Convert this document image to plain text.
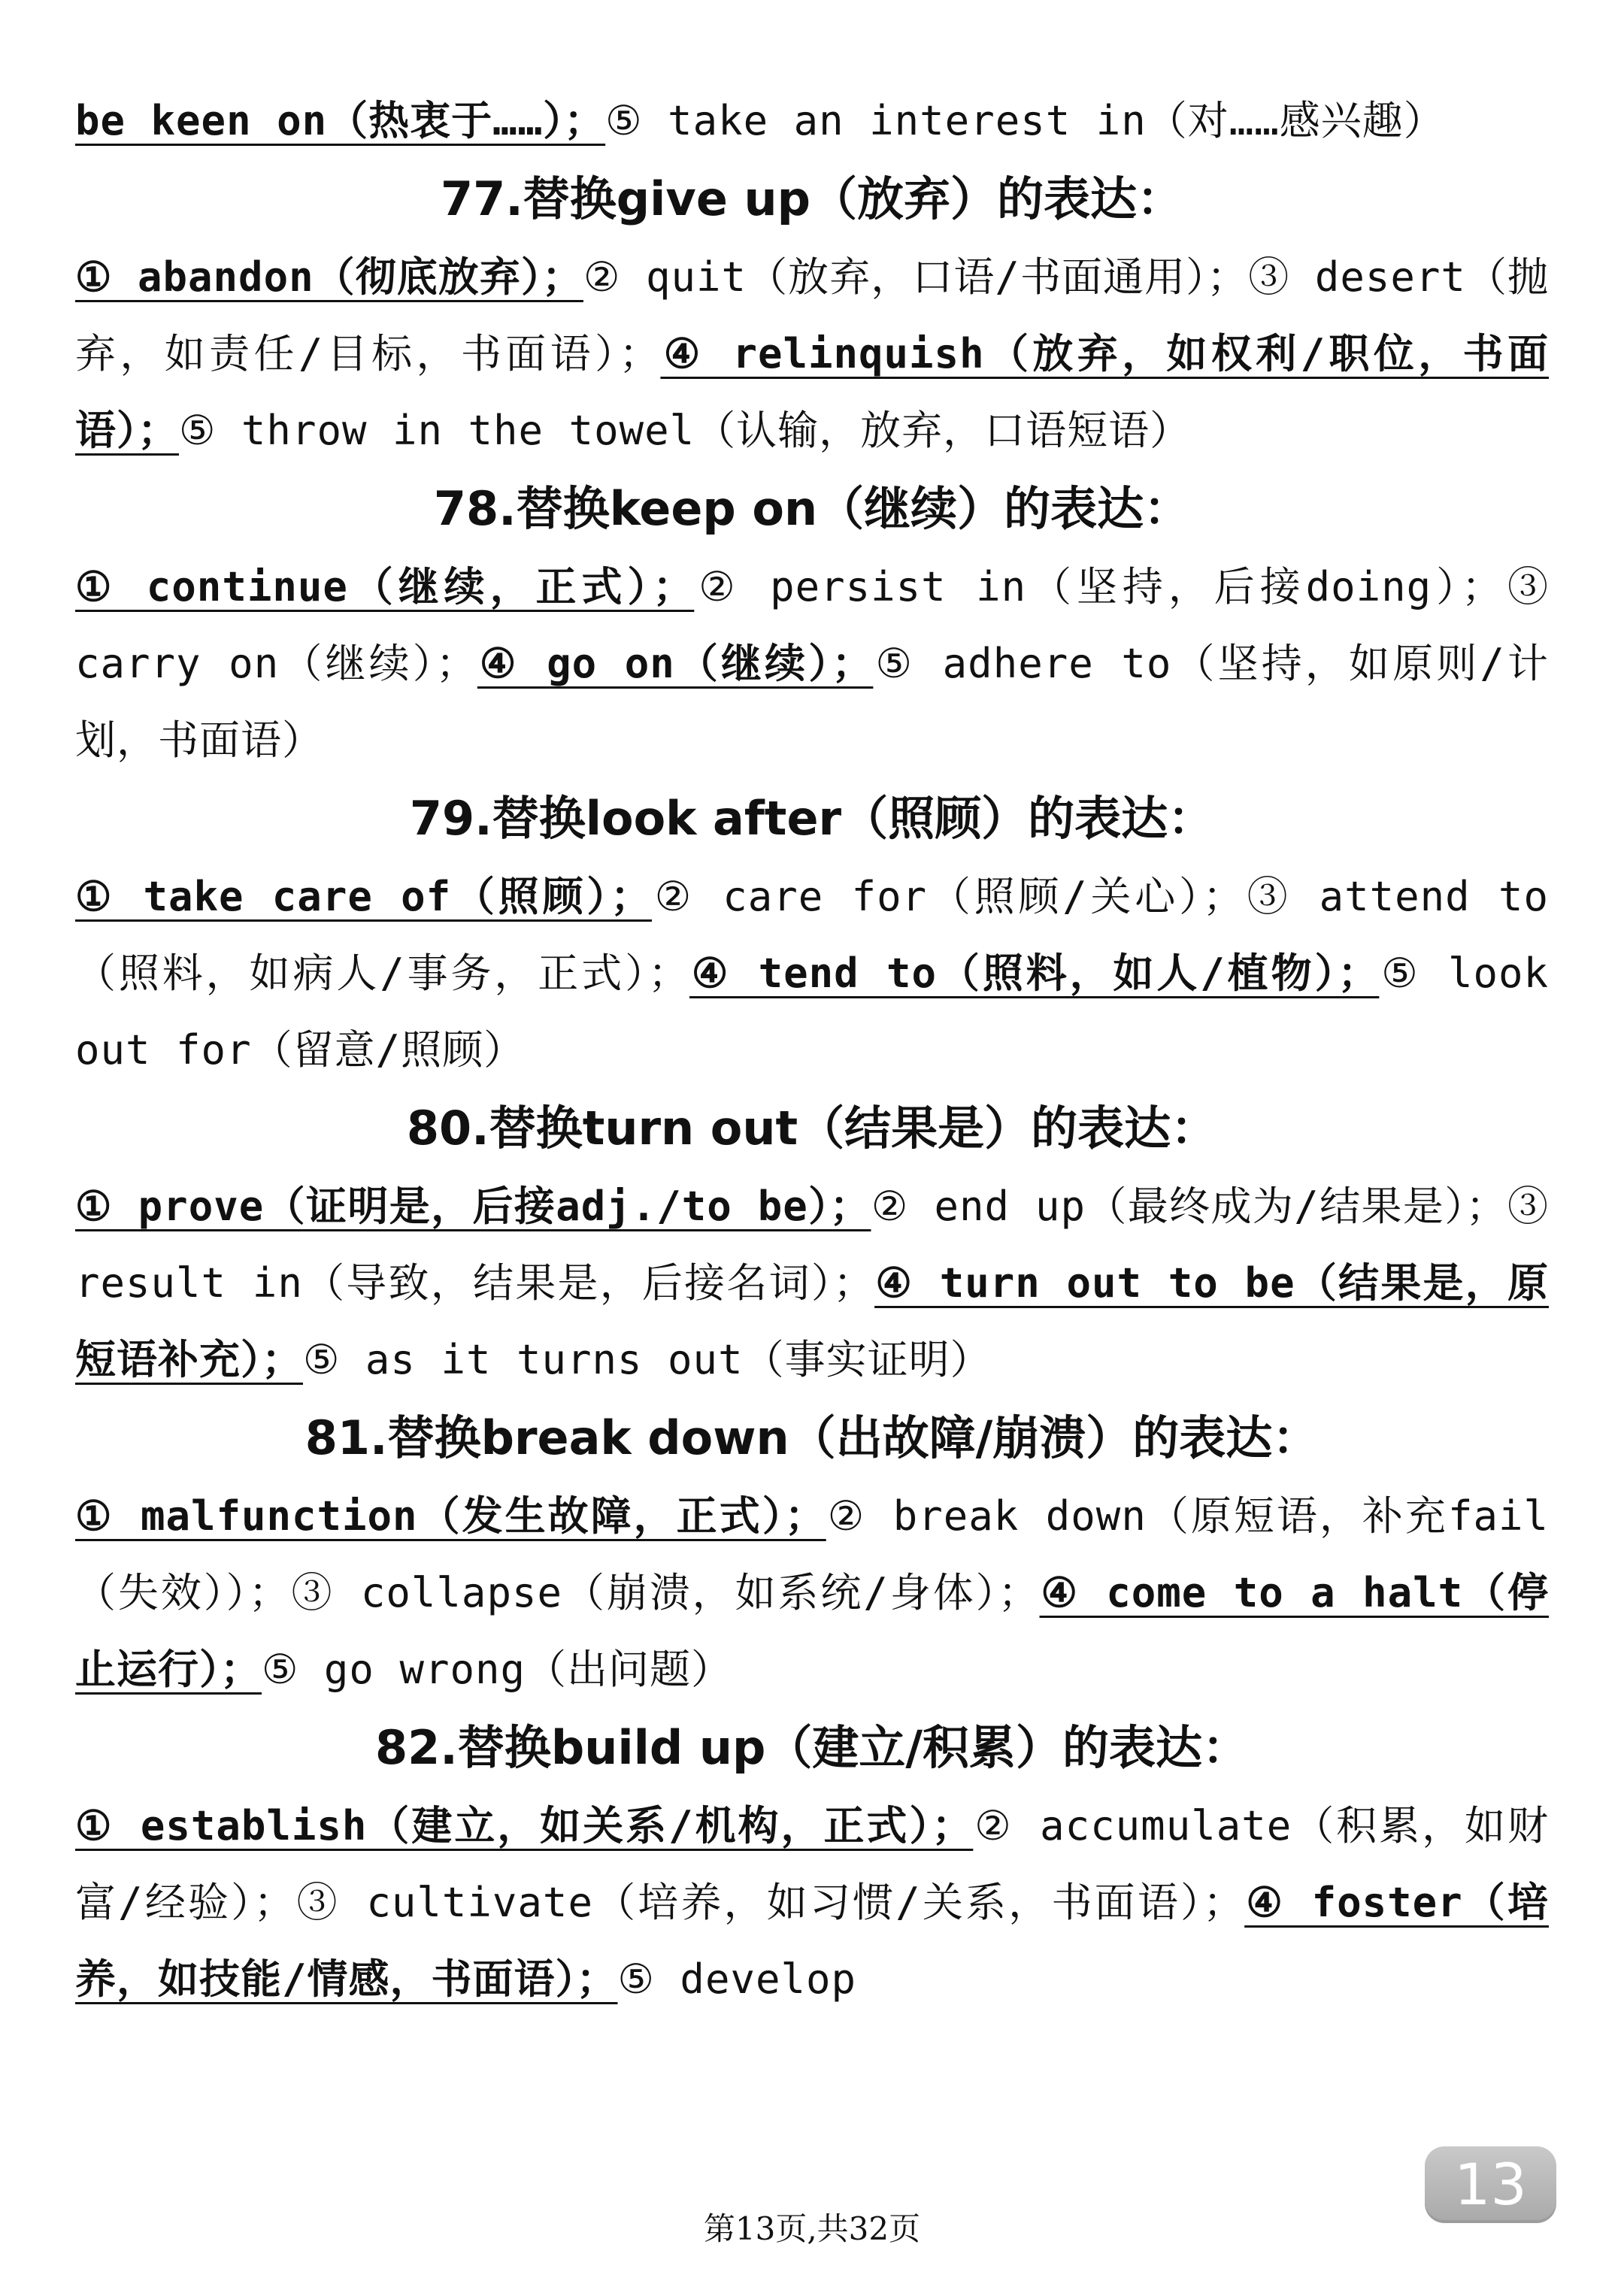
be keen on（热衷于……）；⑤ take an interest in（对……感兴趣）
77.替换give up（放弃）的表达：
① abandon（彻底放弃）；② quit（放弃，口语/书面通用）；③ desert（抛弃，如责任/目标，书面语）；④ relinquish（放弃，如权利/职位，书面语）；⑤ throw in the towel（认输，放弃，口语短语）
78.替换keep on（继续）的表达：
① continue（继续，正式）；② persist in（坚持，后接doing）；③ carry on（继续）；④ go on（继续）；⑤ adhere to（坚持，如原则/计划，书面语）
79.替换look after（照顾）的表达：
① take care of（照顾）；② care for（照顾/关心）；③ attend to（照料，如病人/事务，正式）；④ tend to（照料，如人/植物）；⑤ look out for（留意/照顾）
80.替换turn out（结果是）的表达：
① prove（证明是，后接adj./to be）；② end up（最终成为/结果是）；③ result in（导致，结果是，后接名词）；④ turn out to be（结果是，原短语补充）；⑤ as it turns out（事实证明）
81.替换break down（出故障/崩溃）的表达：
① malfunction（发生故障，正式）；② break down（原短语，补充fail（失效））；③ collapse（崩溃，如系统/身体）；④ come to a halt（停止运行）；⑤ go wrong（出问题）
82.替换build up（建立/积累）的表达：
① establish（建立，如关系/机构，正式）；② accumulate（积累，如财富/经验）；③ cultivate（培养，如习惯/关系，书面语）；④ foster（培养，如技能/情感，书面语）；⑤ develop
13
第13页,共32页
